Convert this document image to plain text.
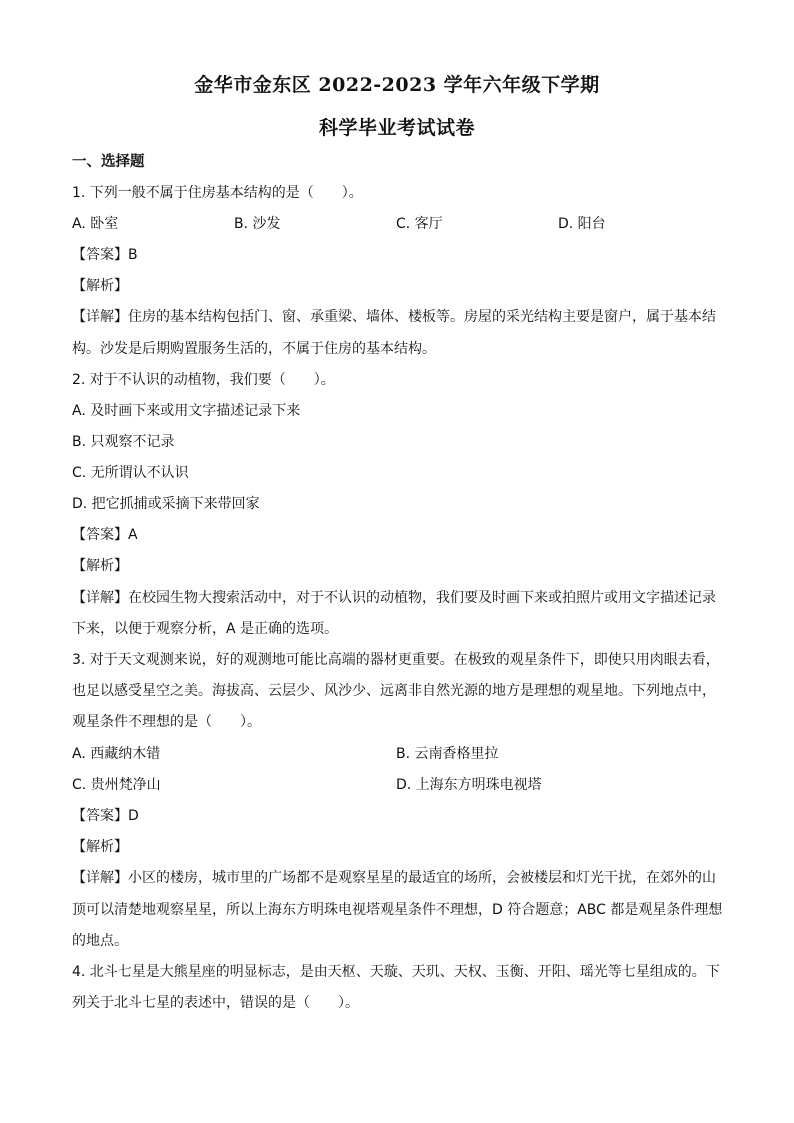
金华市金东区 2022-2023 学年六年级下学期
科学毕业考试试卷
一、选择题
1. 下列一般不属于住房基本结构的是（　　）。
A. 卧室	B. 沙发	C. 客厅	D. 阳台
【答案】B
【解析】
【详解】住房的基本结构包括门、窗、承重梁、墙体、楼板等。房屋的采光结构主要是窗户，属于基本结
构。沙发是后期购置服务生活的，不属于住房的基本结构。
2. 对于不认识的动植物，我们要（　　）。
A. 及时画下来或用文字描述记录下来
B. 只观察不记录
C. 无所谓认不认识
D. 把它抓捕或采摘下来带回家
【答案】A
【解析】
【详解】在校园生物大搜索活动中，对于不认识的动植物，我们要及时画下来或拍照片或用文字描述记录
下来，以便于观察分析，A 是正确的选项。
3. 对于天文观测来说，好的观测地可能比高端的器材更重要。在极致的观星条件下，即使只用肉眼去看，
也足以感受星空之美。海拔高、云层少、风沙少、远离非自然光源的地方是理想的观星地。下列地点中，
观星条件不理想的是（　　）。
A. 西藏纳木错	B. 云南香格里拉
C. 贵州梵净山	D. 上海东方明珠电视塔
【答案】D
【解析】
【详解】小区的楼房，城市里的广场都不是观察星星的最适宜的场所，会被楼层和灯光干扰，在郊外的山
顶可以清楚地观察星星，所以上海东方明珠电视塔观星条件不理想，D 符合题意；ABC 都是观星条件理想
的地点。
4. 北斗七星是大熊星座的明显标志，是由天枢、天璇、天玑、天权、玉衡、开阳、瑶光等七星组成的。下
列关于北斗七星的表述中，错误的是（　　）。
